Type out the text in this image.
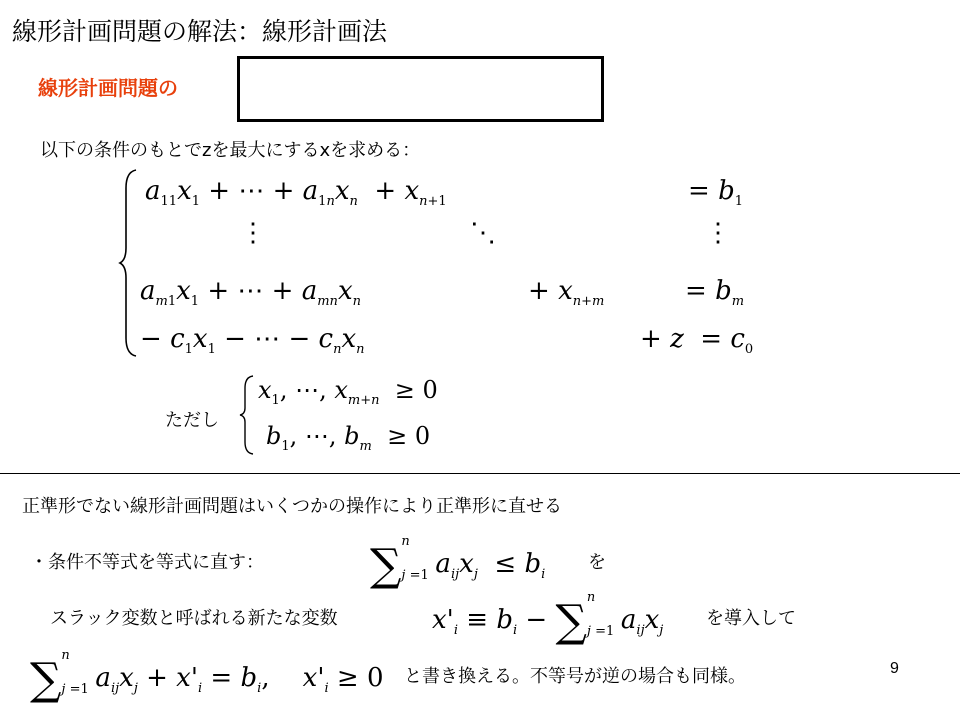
線形計画問題の解法：線形計画法
線形計画問題の
以下の条件のもとでzを最大にするxを求める：
$a_{11}x_1$ + ⋯ + $a_{1n}x_n + x_{n+1}$	= $b_1$
⋮	⋱	⋮
$a_{m1}x_1$ + ⋯ + $a_{mn}x_n$	+ $x_{n+m}$	= $b_m$
− $c_1x_1$ − ⋯ − $c_nx_n$	+ $z = c_0$
ただし
$x_1$, ⋯, $x_{m+n} \ge 0$
$b_1$, ⋯, $b_m \ge 0$
正準形でない線形計画問題はいくつかの操作により正準形に直せる
・条件不等式を等式に直す： ∑ n
j =1 $a_{ij}x_j \le b_i$
を
スラック変数と呼ばれる新たな変数	$x'_i \equiv b_i$ − ∑ n
j =1 $a_{ij}x_j$
を導入して
∑ n
j =1 $a_{ij}x_j + x'_i = b_i$,    $x'_i \ge 0$ と書き換える。不等号が逆の場合も同様。	9
